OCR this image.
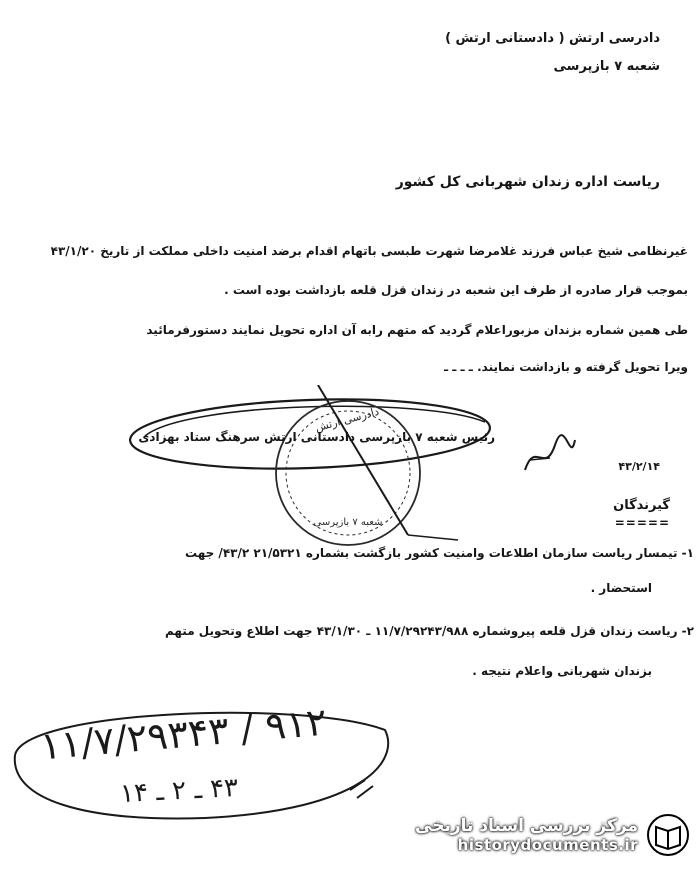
دادرسی ارتش ( دادستانی ارتش )
شعبه ۷ بازپرسی
ریاست اداره زندان شهربانی کل کشور
غیرنظامی شیخ عباس فرزند غلامرضا شهرت طبسی باتهام اقدام برضد امنیت داخلی مملکت از تاریخ ۴۳/۱/۲۰
بموجب قرار صادره از طرف این شعبه در زندان قزل قلعه بازداشت بوده است .
طی همین شماره بزندان مزبوراعلام گردید که متهم رابه آن اداره تحویل نمایند دستورفرمائید
ویرا تحویل گرفته و بازداشت نمایند. ـ ـ ـ ـ
دادرسی ارتش
شعبه ۷ بازپرسی
رئیس شعبه ۷ بازپرسی دادستانی ارتش سرهنگ ستاد بهزادی
۴۳/۲/۱۴
گیرندگان
=====
۱- تیمسار ریاست سازمان اطلاعات وامنیت کشور بازگشت بشماره ۲۱/۵۳۲۱ ۴۳/۲/ جهت
استحضار .
۲- ریاست زندان قزل قلعه پیروشماره ۱۱/۷/۲۹۲۴۳/۹۸۸ ـ ۴۳/۱/۳۰ جهت اطلاع وتحویل متهم
بزندان شهربانی واعلام نتیجه .
۱۱/۷/۲۹۳۴۳ / ۹۱۲
۴۳ ـ ۲ ـ ۱۴
مرکز بررسی اسناد تاریخی
historydocuments.ir
